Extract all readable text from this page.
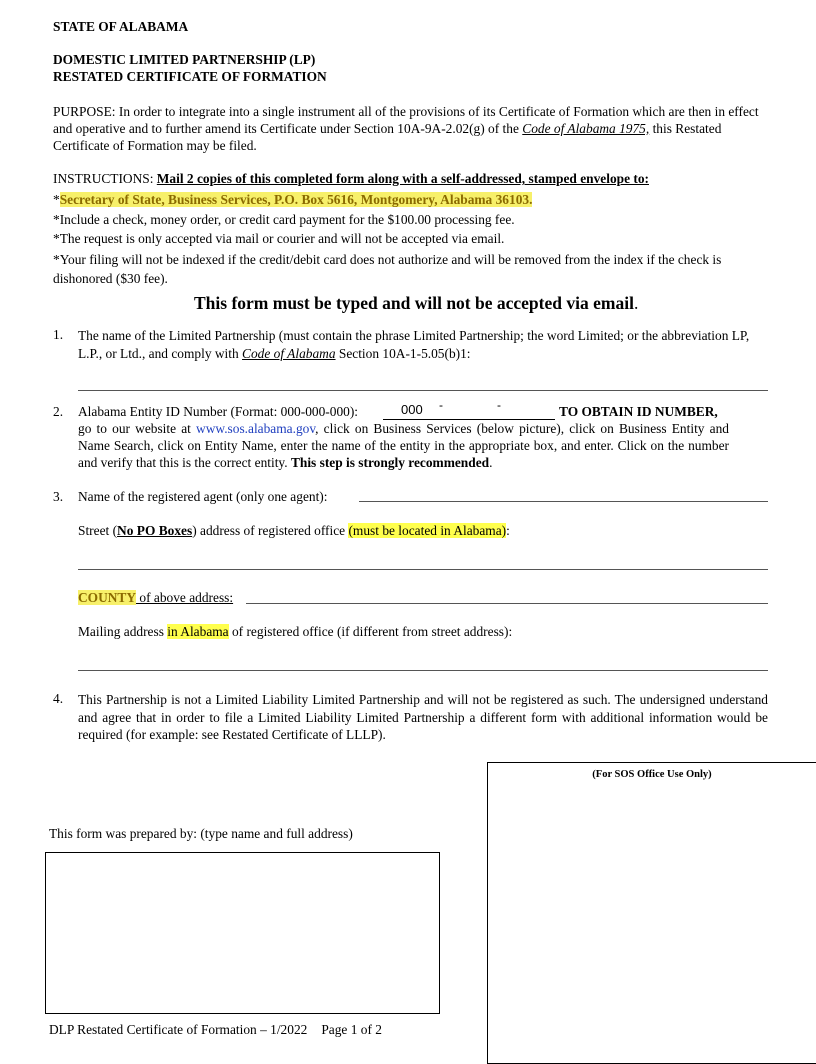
STATE OF ALABAMA
DOMESTIC LIMITED PARTNERSHIP (LP)
RESTATED CERTIFICATE OF FORMATION

PURPOSE: In order to integrate into a single instrument all of the provisions of its Certificate of Formation which are then in effect and operative and to further amend its Certificate under Section 10A-9A-2.02(g) of the Code of Alabama 1975, this Restated Certificate of Formation may be filed.

INSTRUCTIONS: Mail 2 copies of this completed form along with a self-addressed, stamped envelope to:
*Secretary of State, Business Services, P.O. Box 5616, Montgomery, Alabama 36103.
*Include a check, money order, or credit card payment for the $100.00 processing fee.
*The request is only accepted via mail or courier and will not be accepted via email.
*Your filing will not be indexed if the credit/debit card does not authorize and will be removed from the index if the check is dishonored ($30 fee).
This form must be typed and will not be accepted via email.
1. The name of the Limited Partnership (must contain the phrase Limited Partnership; the word Limited; or the abbreviation LP, L.P., or Ltd., and comply with Code of Alabama Section 10A-1-5.05(b)1:

2. Alabama Entity ID Number (Format: 000-000-000):	000 -	-	TO OBTAIN ID NUMBER,

go to our website at www.sos.alabama.gov, click on Business Services (below picture), click on Business Entity and Name Search, click on Entity Name, enter the name of the entity in the appropriate box, and enter. Click on the number and verify that this is the correct entity. This step is strongly recommended.

3. Name of the registered agent (only one agent):
Street (No PO Boxes) address of registered office (must be located in Alabama):
COUNTY of above address:
Mailing address in Alabama of registered office (if different from street address):
4. This Partnership is not a Limited Liability Limited Partnership and will not be registered as such. The undersigned understand and agree that in order to file a Limited Liability Limited Partnership a different form with additional information would be required (for example: see Restated Certificate of LLLP).

(For SOS Office Use Only)
This form was prepared by: (type name and full address)
DLP Restated Certificate of Formation – 1/2022 Page 1 of 2
